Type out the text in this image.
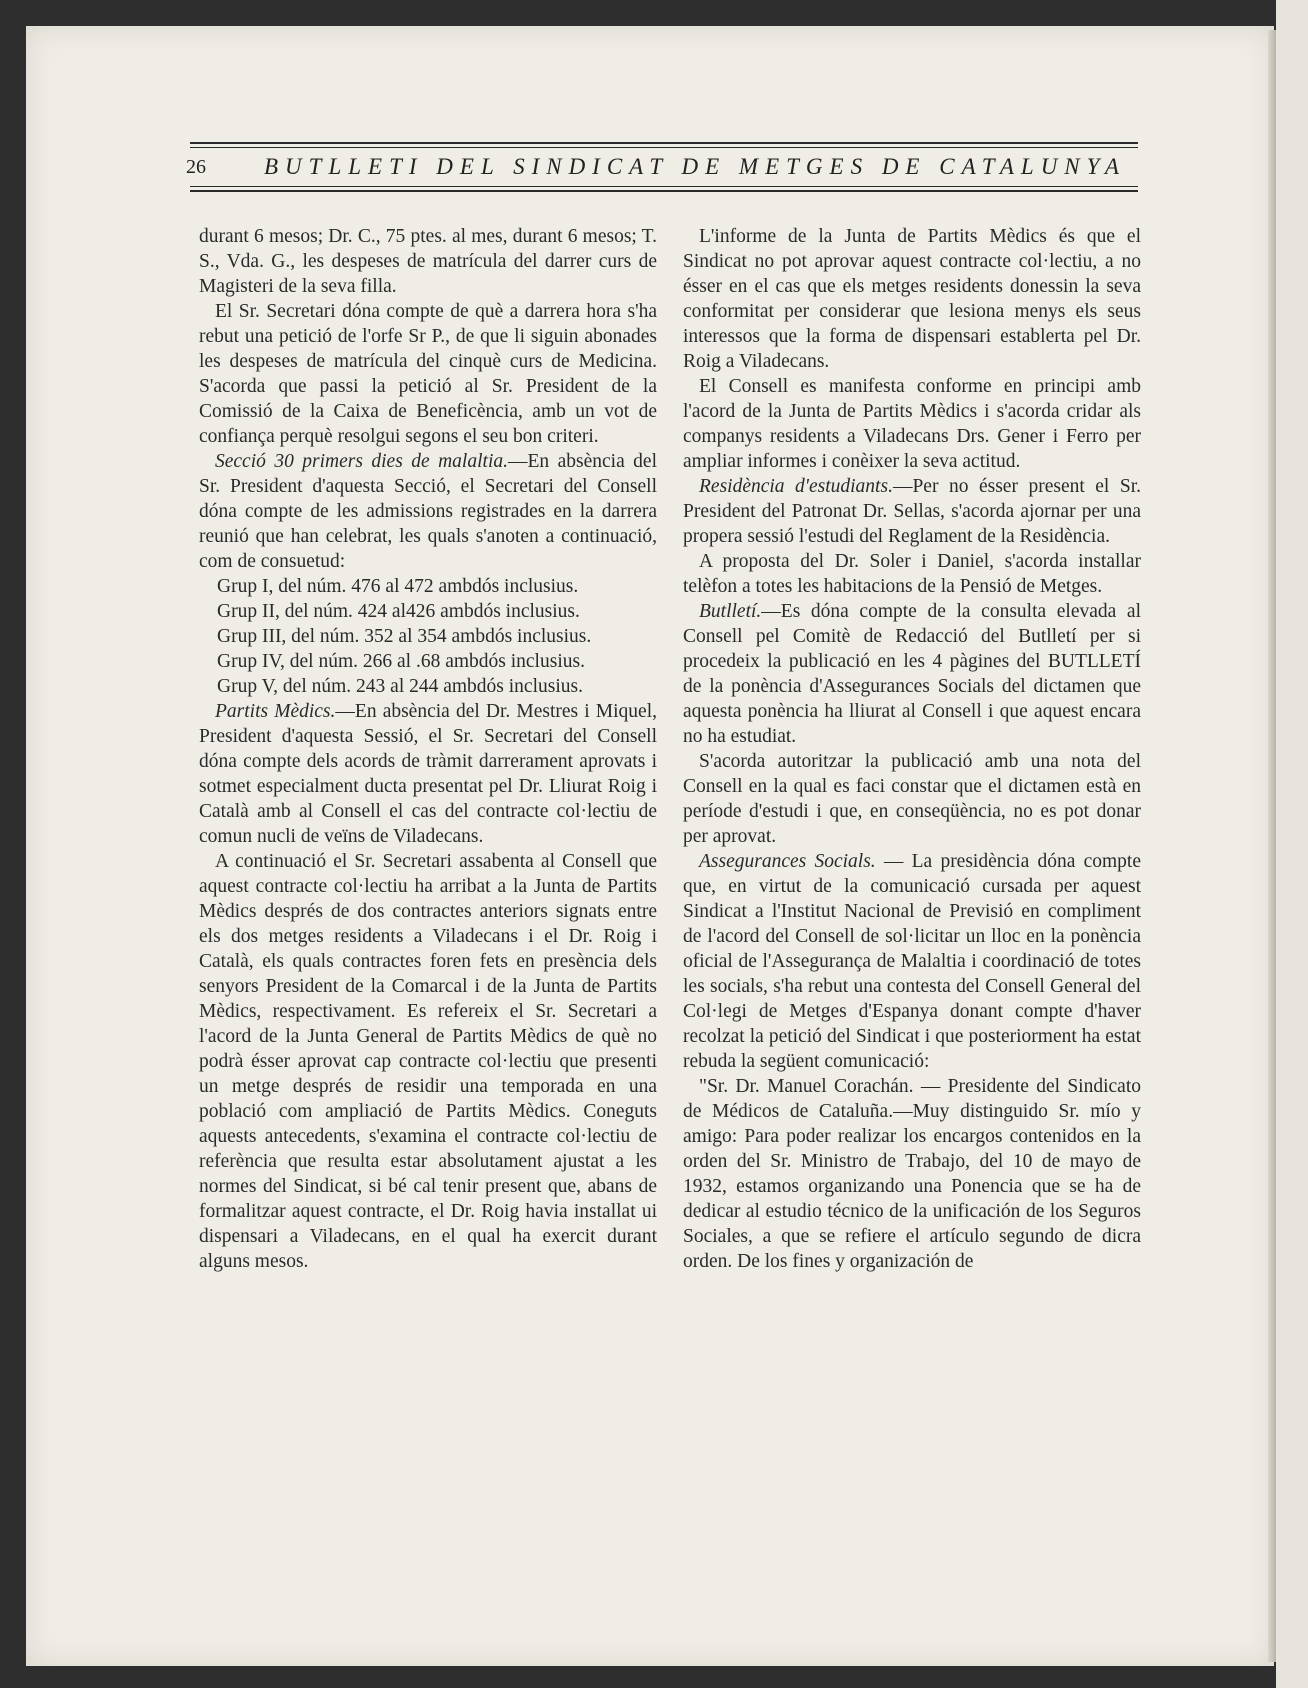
26	BUTLLETI DEL SINDICAT DE METGES DE CATALUNYA

durant 6 mesos; Dr. C., 75 ptes. al mes, durant 6 mesos; T. S., Vda. G., les despeses de matrícula del darrer curs de Magisteri de la seva filla.

El Sr. Secretari dóna compte de què a darrera hora s'ha rebut una petició de l'orfe Sr P., de que li siguin abonades les despeses de matrícula del cinquè curs de Medicina. S'acorda que passi la petició al Sr. President de la Comissió de la Caixa de Beneficència, amb un vot de confiança perquè resolgui segons el seu bon criteri.

Secció 30 primers dies de malaltia.—En absència del Sr. President d'aquesta Secció, el Secretari del Consell dóna compte de les admissions registrades en la darrera reunió que han celebrat, les quals s'anoten a continuació, com de consuetud:

Grup I, del núm. 476 al 472 ambdós inclusius.

Grup II, del núm. 424 al426 ambdós inclusius.

Grup III, del núm. 352 al 354 ambdós inclusius.

Grup IV, del núm. 266 al .68 ambdós inclusius.

Grup V, del núm. 243 al 244 ambdós inclusius.

Partits Mèdics.—En absència del Dr. Mestres i Miquel, President d'aquesta Sessió, el Sr. Secretari del Consell dóna compte dels acords de tràmit darrerament aprovats i sotmet especialment ducta presentat pel Dr. Lliurat Roig i Català amb al Consell el cas del contracte col·lectiu de comun nucli de veïns de Viladecans.

A continuació el Sr. Secretari assabenta al Consell que aquest contracte col·lectiu ha arribat a la Junta de Partits Mèdics després de dos contractes anteriors signats entre els dos metges residents a Viladecans i el Dr. Roig i Català, els quals contractes foren fets en presència dels senyors President de la Comarcal i de la Junta de Partits Mèdics, respectivament. Es refereix el Sr. Secretari a l'acord de la Junta General de Partits Mèdics de què no podrà ésser aprovat cap contracte col·lectiu que presenti un metge després de residir una temporada en una població com ampliació de Partits Mèdics. Coneguts aquests antecedents, s'examina el contracte col·lectiu de referència que resulta estar absolutament ajustat a les normes del Sindicat, si bé cal tenir present que, abans de formalitzar aquest contracte, el Dr. Roig havia installat ui dispensari a Viladecans, en el qual ha exercit durant alguns mesos.

L'informe de la Junta de Partits Mèdics és que el Sindicat no pot aprovar aquest contracte col·lectiu, a no ésser en el cas que els metges residents donessin la seva conformitat per considerar que lesiona menys els seus interessos que la forma de dispensari establerta pel Dr. Roig a Viladecans.

El Consell es manifesta conforme en principi amb l'acord de la Junta de Partits Mèdics i s'acorda cridar als companys residents a Viladecans Drs. Gener i Ferro per ampliar informes i conèixer la seva actitud.

Residència d'estudiants.—Per no ésser present el Sr. President del Patronat Dr. Sellas, s'acorda ajornar per una propera sessió l'estudi del Reglament de la Residència.

A proposta del Dr. Soler i Daniel, s'acorda installar telèfon a totes les habitacions de la Pensió de Metges.

Butlletí.—Es dóna compte de la consulta elevada al Consell pel Comitè de Redacció del Butlletí per si procedeix la publicació en les 4 pàgines del BUTLLETÍ de la ponència d'Assegurances Socials del dictamen que aquesta ponència ha lliurat al Consell i que aquest encara no ha estudiat.

S'acorda autoritzar la publicació amb una nota del Consell en la qual es faci constar que el dictamen està en període d'estudi i que, en conseqüència, no es pot donar per aprovat.

Assegurances Socials. — La presidència dóna compte que, en virtut de la comunicació cursada per aquest Sindicat a l'Institut Nacional de Previsió en compliment de l'acord del Consell de sol·licitar un lloc en la ponència oficial de l'Assegurança de Malaltia i coordinació de totes les socials, s'ha rebut una contesta del Consell General del Col·legi de Metges d'Espanya donant compte d'haver recolzat la petició del Sindicat i que posteriorment ha estat rebuda la següent comunicació:

"Sr. Dr. Manuel Corachán. — Presidente del Sindicato de Médicos de Cataluña.—Muy distinguido Sr. mío y amigo: Para poder realizar los encargos contenidos en la orden del Sr. Ministro de Trabajo, del 10 de mayo de 1932, estamos organizando una Ponencia que se ha de dedicar al estudio técnico de la unificación de los Seguros Sociales, a que se refiere el artículo segundo de dicra orden. De los fines y organización de
